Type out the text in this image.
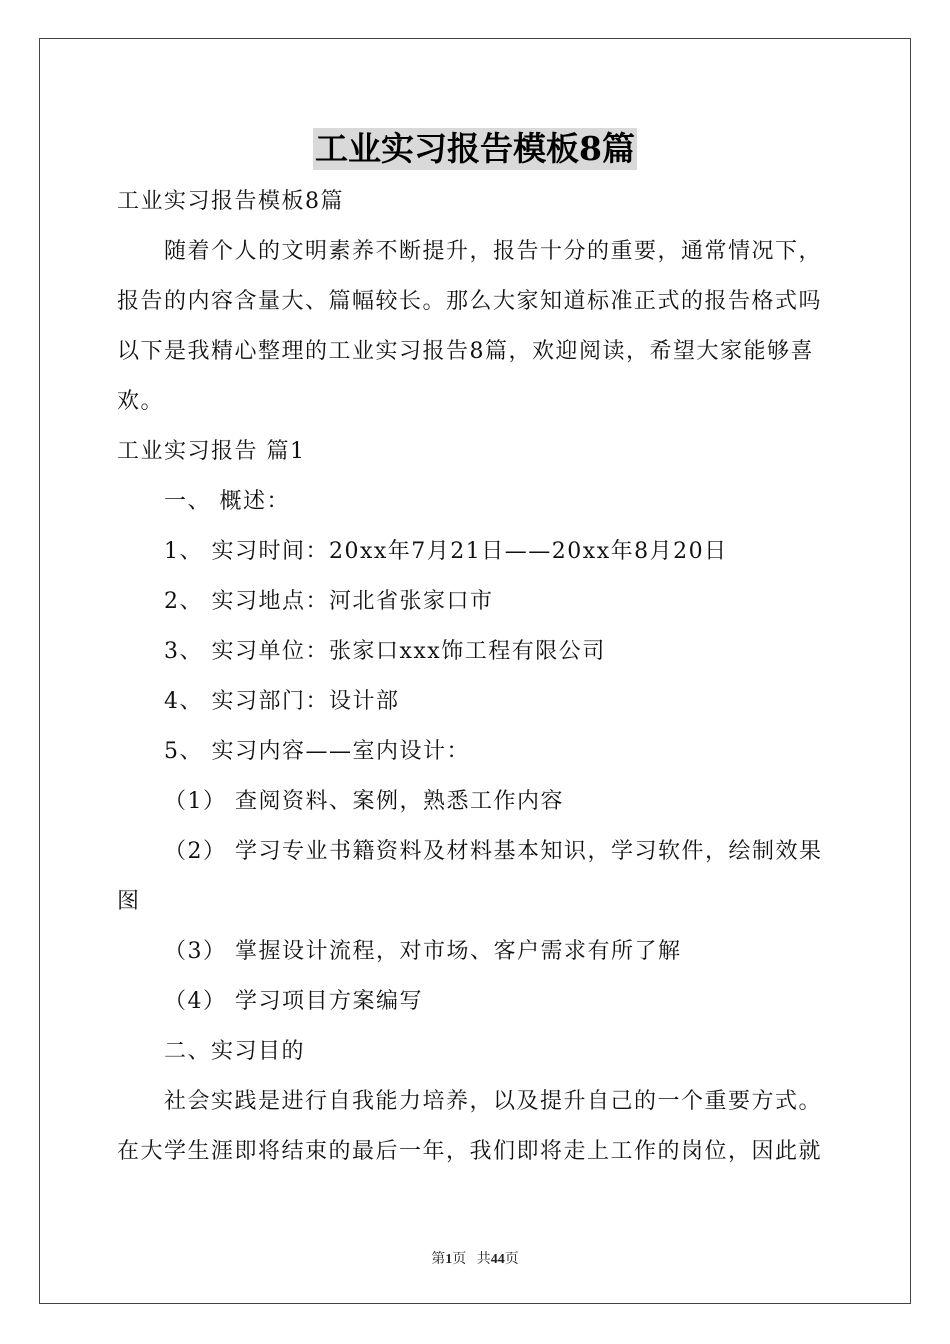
工业实习报告模板8篇

工业实习报告模板8篇

随着个人的文明素养不断提升，报告十分的重要，通常情况下，

报告的内容含量大、篇幅较长。那么大家知道标准正式的报告格式吗

以下是我精心整理的工业实习报告8篇，欢迎阅读，希望大家能够喜

欢。

工业实习报告 篇1

一、 概述：

1、 实习时间：20xx年7月21日——20xx年8月20日

2、 实习地点：河北省张家口市

3、 实习单位：张家口xxx饰工程有限公司

4、 实习部门：设计部

5、 实习内容——室内设计：

（1） 查阅资料、案例，熟悉工作内容

（2） 学习专业书籍资料及材料基本知识，学习软件，绘制效果

图

（3） 掌握设计流程，对市场、客户需求有所了解

（4） 学习项目方案编写

二、实习目的

社会实践是进行自我能力培养，以及提升自己的一个重要方式。

在大学生涯即将结束的最后一年，我们即将走上工作的岗位，因此就

第1页 共44页
